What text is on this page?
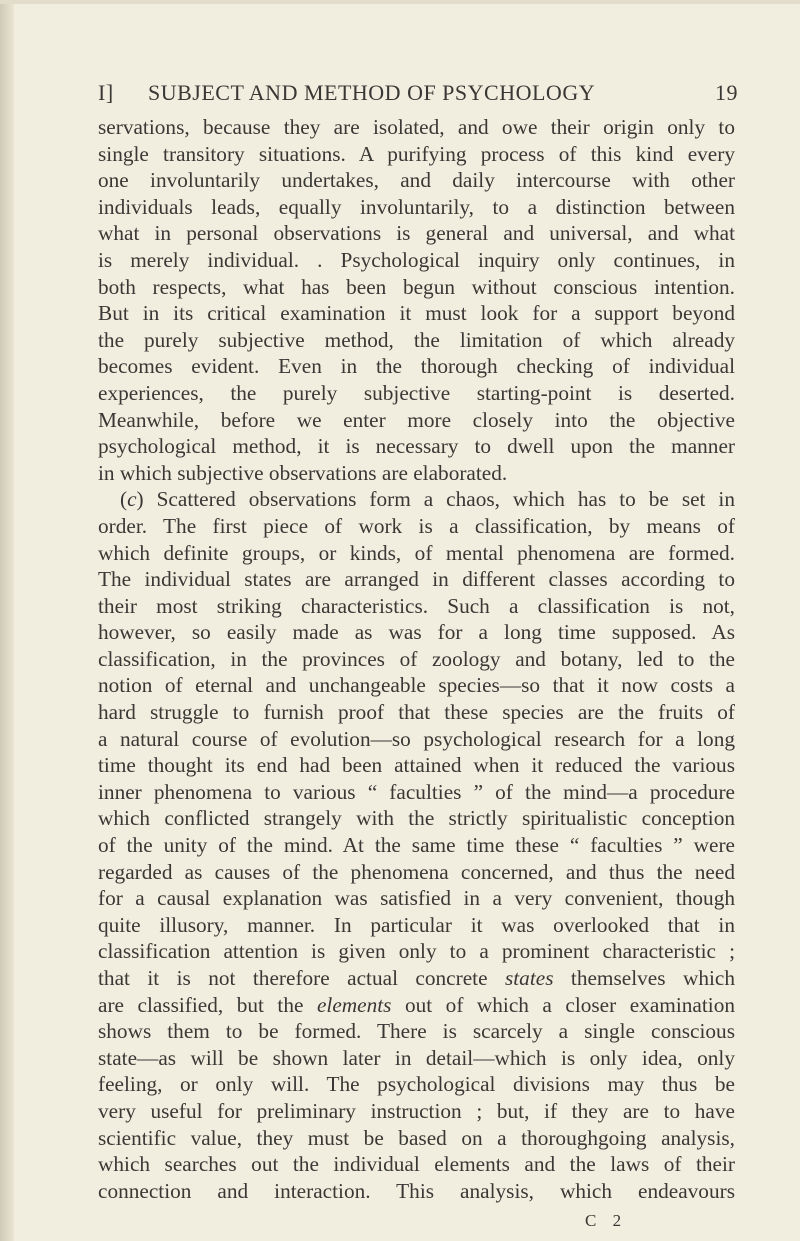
I] SUBJECT AND METHOD OF PSYCHOLOGY	19
servations, because they are isolated, and owe their origin only to
single transitory situations. A purifying process of this kind every
one involuntarily undertakes, and daily intercourse with other
individuals leads, equally involuntarily, to a distinction between
what in personal observations is general and universal, and what
is merely individual. . Psychological inquiry only continues, in
both respects, what has been begun without conscious intention.
But in its critical examination it must look for a support beyond
the purely subjective method, the limitation of which already
becomes evident. Even in the thorough checking of individual
experiences, the purely subjective starting-point is deserted.
Meanwhile, before we enter more closely into the objective
psychological method, it is necessary to dwell upon the manner
in which subjective observations are elaborated.
(c) Scattered observations form a chaos, which has to be set in
order. The first piece of work is a classification, by means of
which definite groups, or kinds, of mental phenomena are formed.
The individual states are arranged in different classes according to
their most striking characteristics. Such a classification is not,
however, so easily made as was for a long time supposed. As
classification, in the provinces of zoology and botany, led to the
notion of eternal and unchangeable species—so that it now costs a
hard struggle to furnish proof that these species are the fruits of
a natural course of evolution—so psychological research for a long
time thought its end had been attained when it reduced the various
inner phenomena to various “ faculties ” of the mind—a procedure
which conflicted strangely with the strictly spiritualistic conception
of the unity of the mind. At the same time these “ faculties ” were
regarded as causes of the phenomena concerned, and thus the need
for a causal explanation was satisfied in a very convenient, though
quite illusory, manner. In particular it was overlooked that in
classification attention is given only to a prominent characteristic ;
that it is not therefore actual concrete states themselves which
are classified, but the elements out of which a closer examination
shows them to be formed. There is scarcely a single conscious
state—as will be shown later in detail—which is only idea, only
feeling, or only will. The psychological divisions may thus be
very useful for preliminary instruction ; but, if they are to have
scientific value, they must be based on a thoroughgoing analysis,
which searches out the individual elements and the laws of their
connection and interaction. This analysis, which endeavours
C 2
